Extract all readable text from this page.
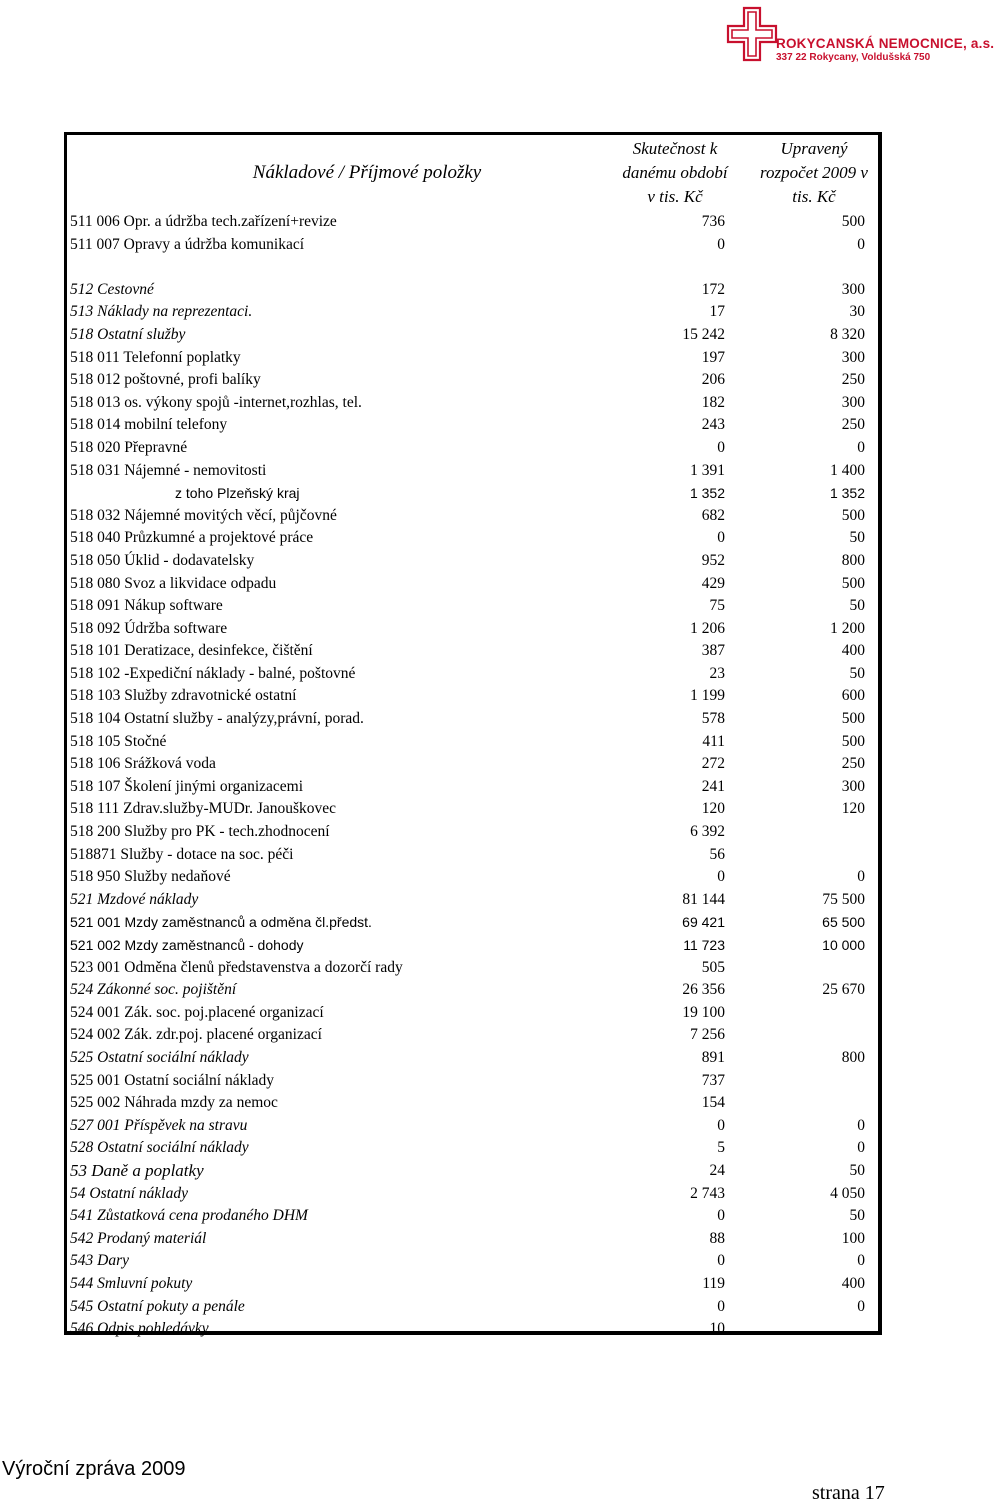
ROKYCANSKÁ NEMOCNICE, a.s.
337 22 Rokycany, Voldušská 750
Nákladové / Příjmové položky
Skutečnost k
danému období
v tis. Kč
Upravený
rozpočet 2009 v
tis. Kč
511 006 Opr. a údržba tech.zařízení+revize	736	500
511 007 Opravy a údržba komunikací	0	0
512 Cestovné	172	300
513 Náklady na reprezentaci.	17	30
518 Ostatní služby	15 242	8 320
518 011 Telefonní poplatky	197	300
518 012 poštovné, profi balíky	206	250
518 013 os. výkony spojů -internet,rozhlas, tel.	182	300
518 014 mobilní telefony	243	250
518 020 Přepravné	0	0
518 031 Nájemné - nemovitosti	1 391	1 400
z toho Plzeňský kraj	1 352	1 352
518 032 Nájemné movitých věcí, půjčovné	682	500
518 040 Průzkumné a projektové práce	0	50
518 050 Úklid - dodavatelsky	952	800
518 080 Svoz a likvidace odpadu	429	500
518 091 Nákup software	75	50
518 092 Údržba software	1 206	1 200
518 101 Deratizace, desinfekce, čištění	387	400
518 102 -Expediční náklady - balné, poštovné	23	50
518 103 Služby zdravotnické ostatní	1 199	600
518 104 Ostatní služby - analýzy,právní, porad.	578	500
518 105 Stočné	411	500
518 106 Srážková voda	272	250
518 107 Školení jinými organizacemi	241	300
518 111 Zdrav.služby-MUDr. Janouškovec	120	120
518 200 Služby pro PK - tech.zhodnocení	6 392
518871 Služby - dotace na soc. péči	56
518 950 Služby nedaňové	0	0
521 Mzdové náklady	81 144	75 500
521 001 Mzdy zaměstnanců a odměna čl.předst.	69 421	65 500
521 002 Mzdy zaměstnanců - dohody	11 723	10 000
523 001 Odměna členů představenstva a dozorčí rady	505
524 Zákonné soc. pojištění	26 356	25 670
524 001 Zák. soc. poj.placené organizací	19 100
524 002 Zák. zdr.poj. placené organizací	7 256
525 Ostatní sociální náklady	891	800
525 001 Ostatní sociální náklady	737
525 002 Náhrada mzdy za nemoc	154
527 001 Příspěvek na stravu	0	0
528 Ostatní sociální náklady	5	0
53 Daně a poplatky	24	50
54 Ostatní náklady	2 743	4 050
541 Zůstatková cena prodaného DHM	0	50
542 Prodaný materiál	88	100
543 Dary	0	0
544 Smluvní pokuty	119	400
545 Ostatní pokuty a penále	0	0
546 Odpis pohledávky	10
Výroční zpráva 2009
strana 17
